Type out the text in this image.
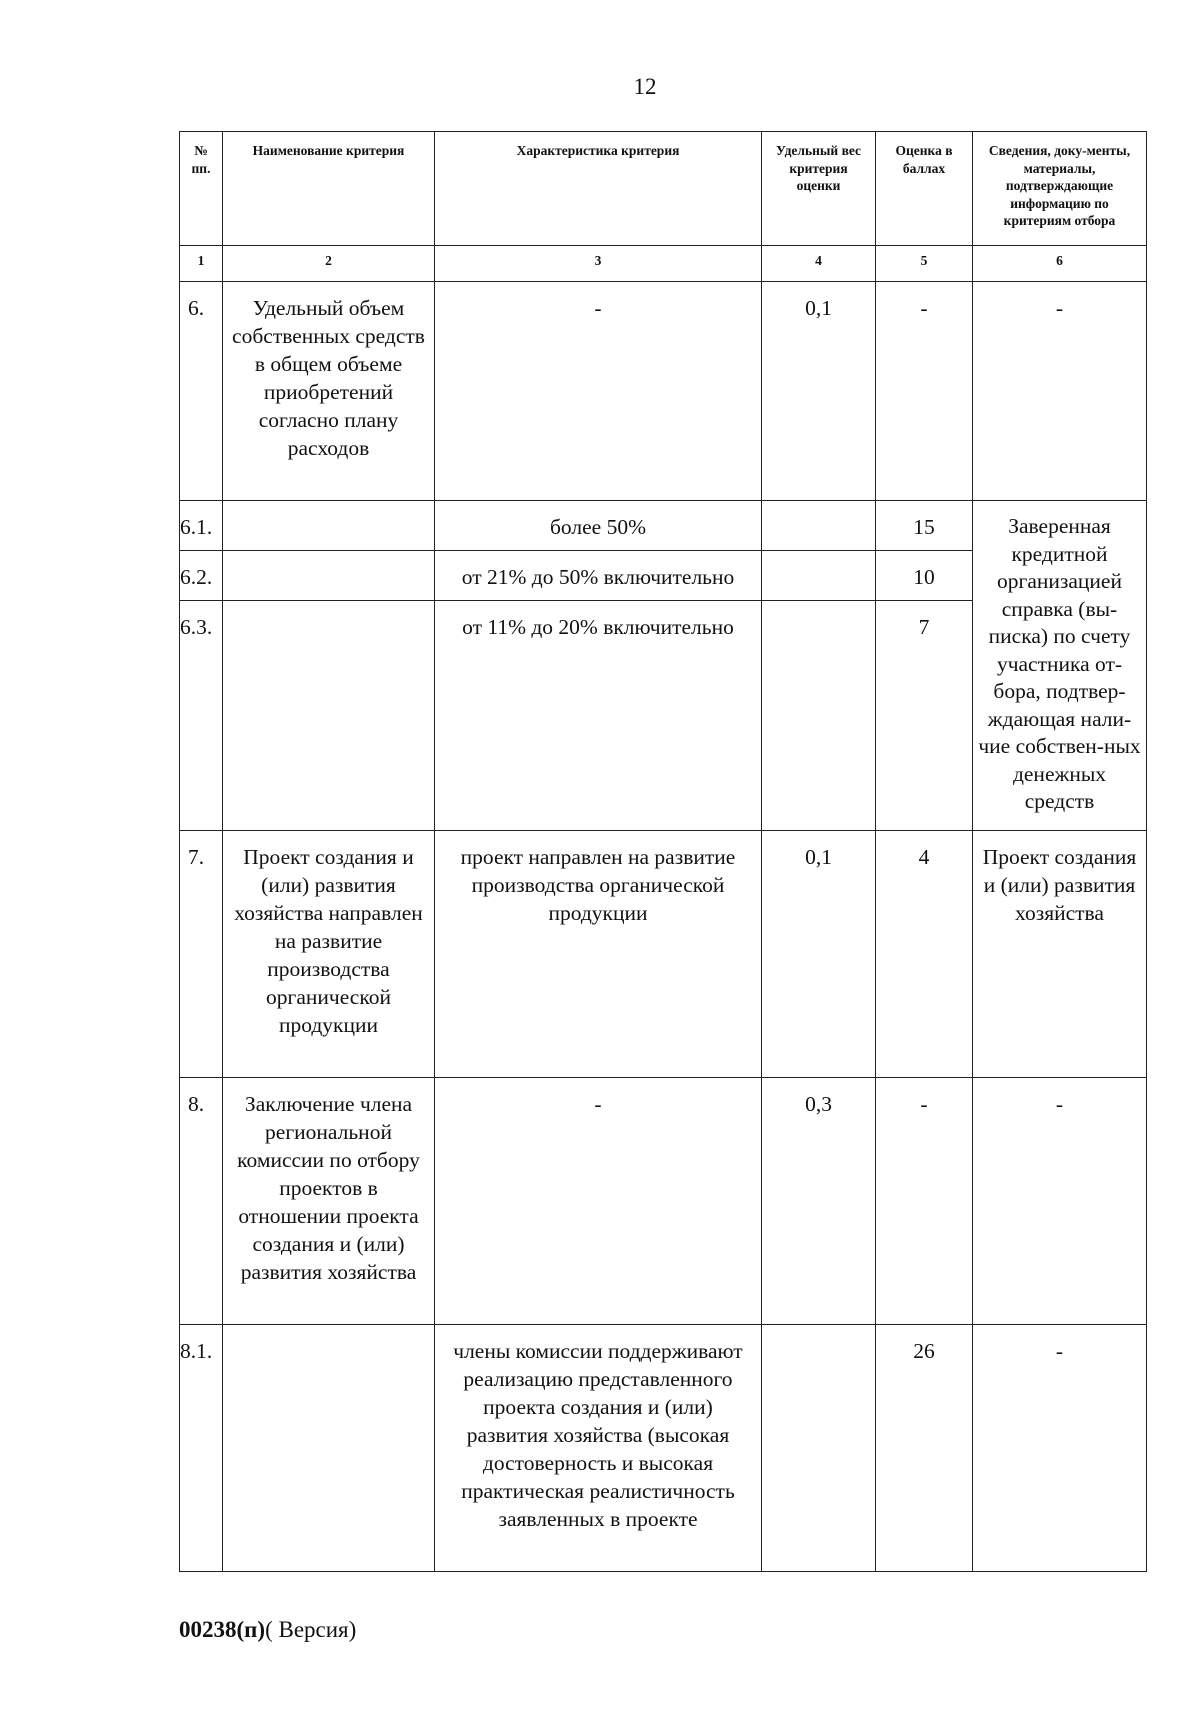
12
№ пп.	Наименование критерия	Характеристика критерия	Удельный вес критерия оценки	Оценка в баллах	Сведения, доку-менты, материалы, подтверждающие информацию по критериям отбора
1	2	3	4	5	6
6.	Удельный объем собственных средств в общем объеме приобретений согласно плану расходов	-	0,1	-	-
6.1.		более 50%		15	Заверенная кредитной организацией справка (вы-писка) по счету участника от-бора, подтвер-ждающая нали-чие собствен-ных денежных средств
6.2.		от 21% до 50% включительно		10	
6.3.		от 11% до 20% включительно		7	
7.	Проект создания и (или) развития хозяйства направлен на развитие производства органической продукции	проект направлен на развитие производства органической продукции	0,1	4	Проект создания и (или) развития хозяйства
8.	Заключение члена региональной комиссии по отбору проектов в отношении проекта создания и (или) развития хозяйства	-	0,3	-	-
8.1.		члены комиссии поддерживают реализацию представленного проекта создания и (или) развития хозяйства (высокая достоверность и высокая практическая реалистичность заявленных в проекте		26	-
00238(п)( Версия)
